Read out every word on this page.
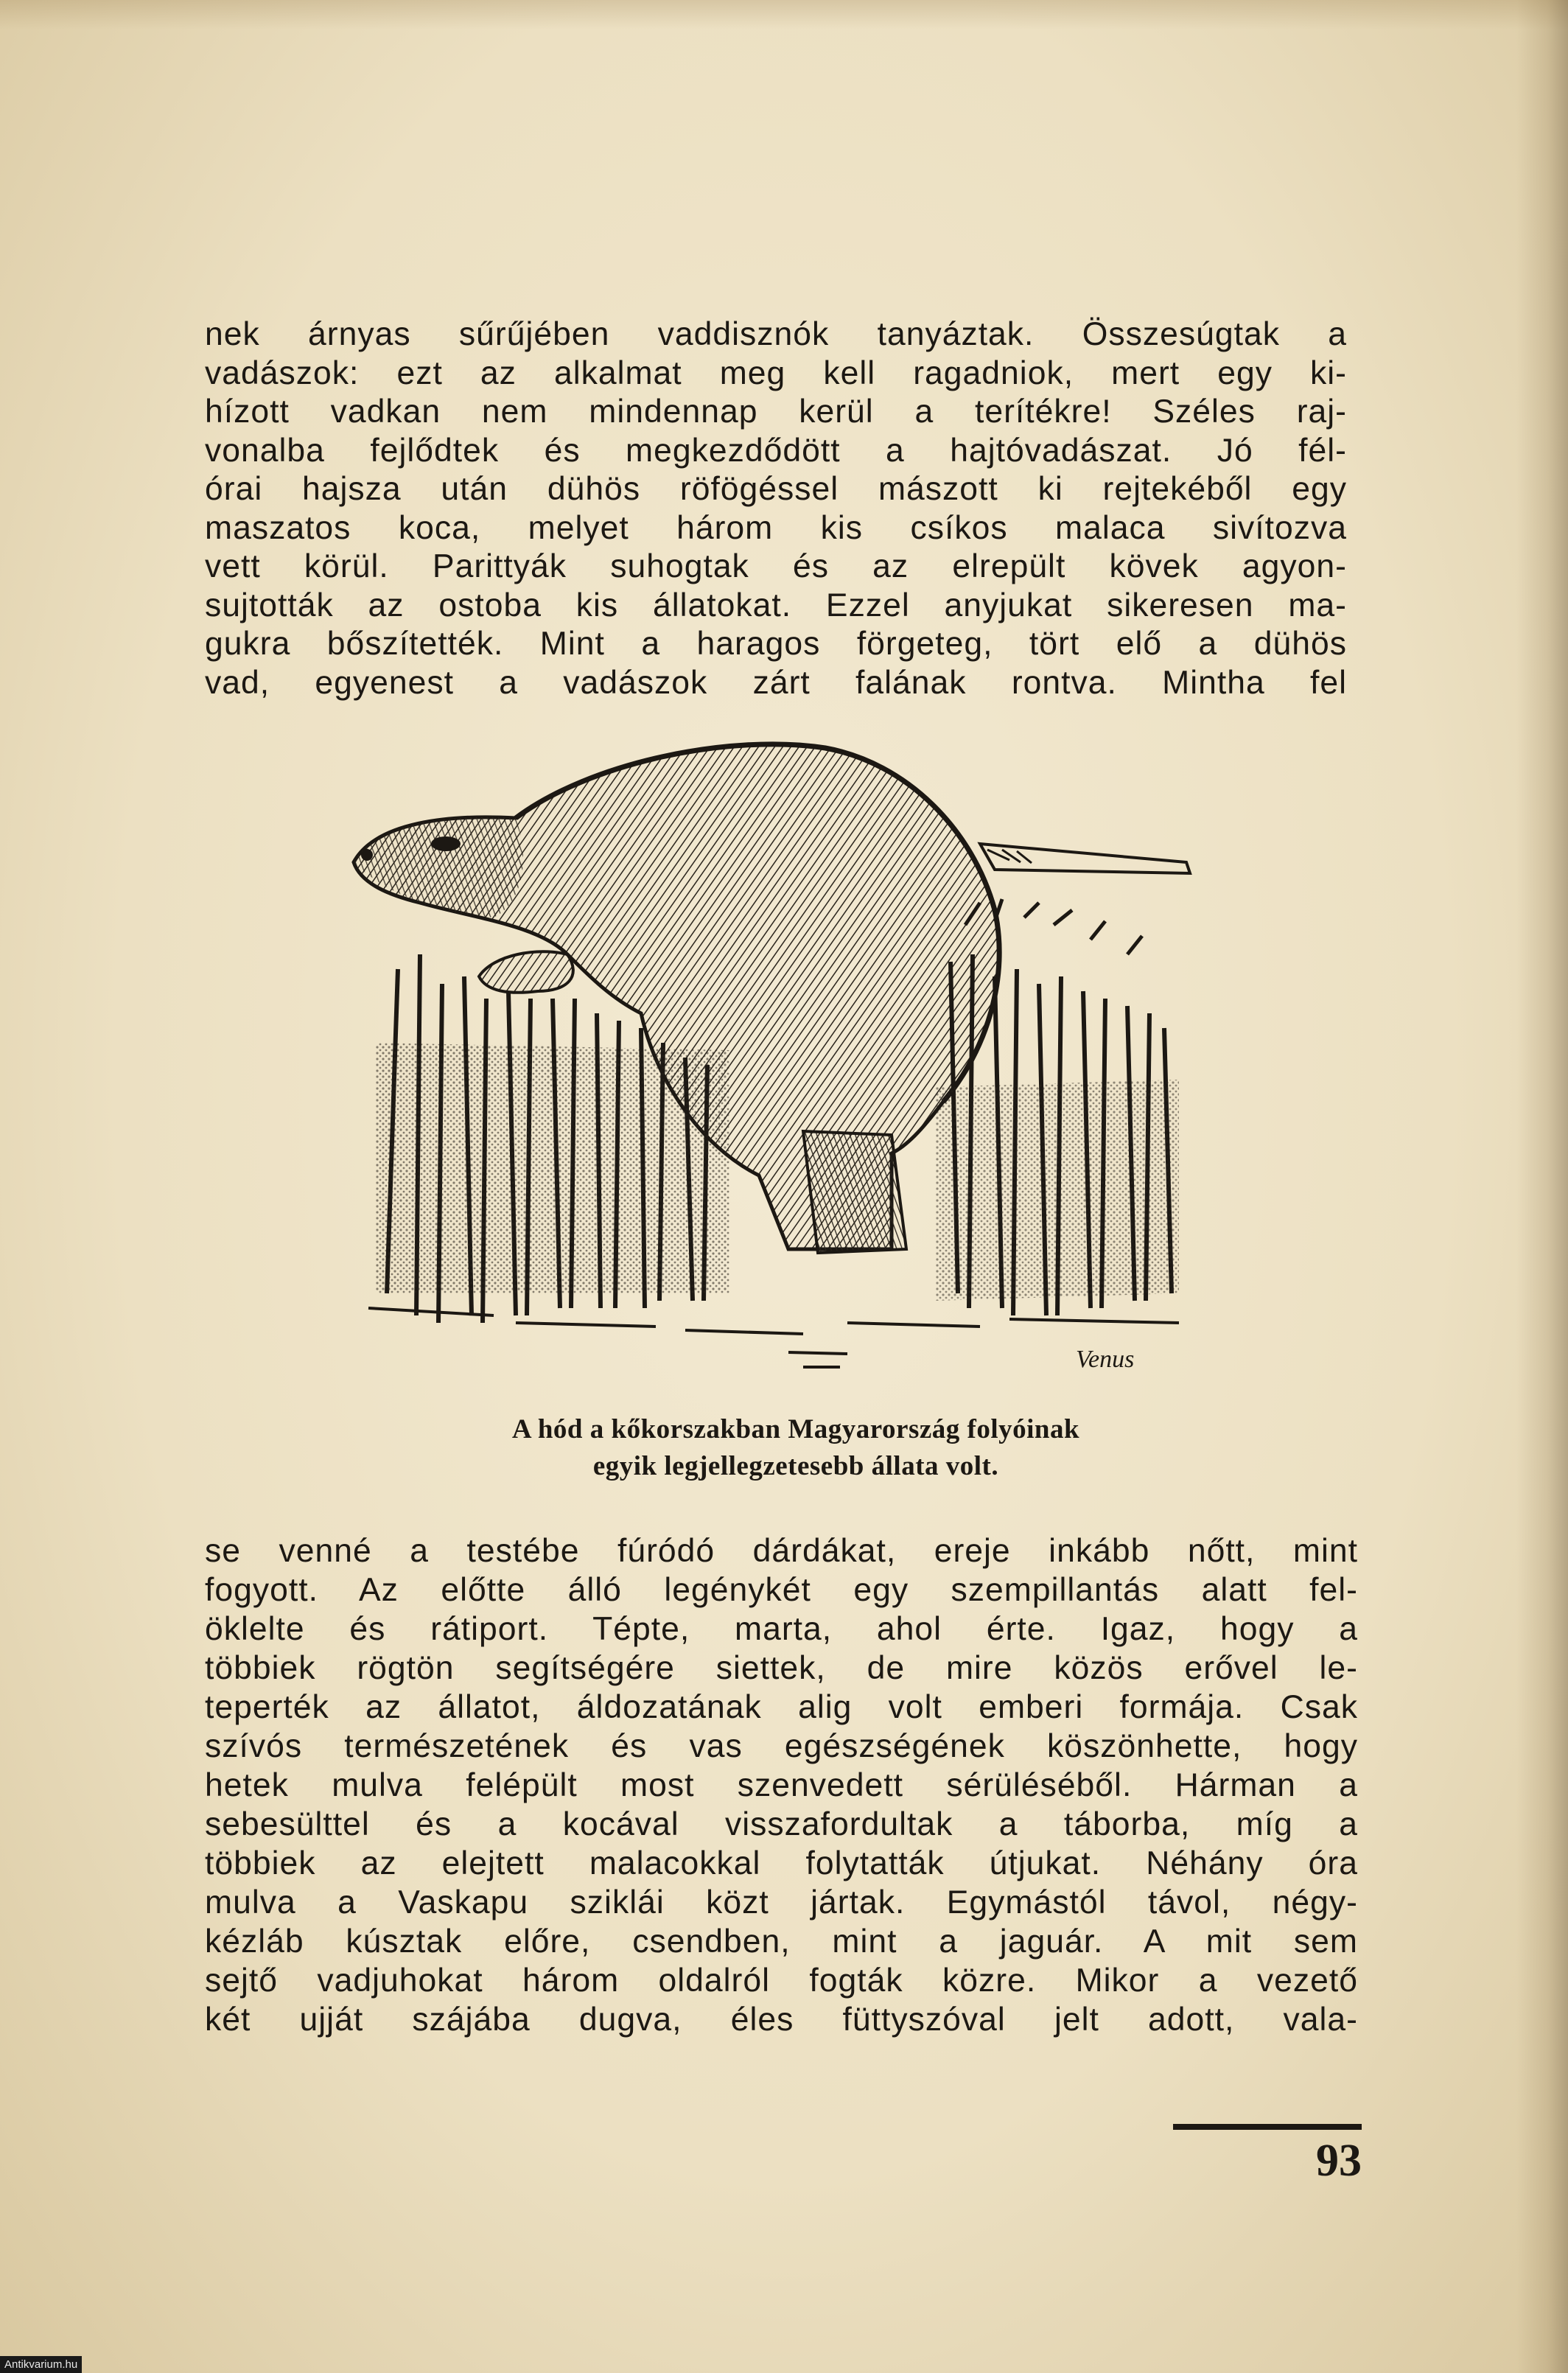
nek árnyas sűrűjében vaddisznók tanyáztak. Összesúgtak a
vadászok: ezt az alkalmat meg kell ragadniok, mert egy ki-
hízott vadkan nem mindennap kerül a terítékre! Széles raj-
vonalba fejlődtek és megkezdődött a hajtóvadászat. Jó fél-
órai hajsza után dühös röfögéssel mászott ki rejtekéből egy
maszatos koca, melyet három kis csíkos malaca sivítozva
vett körül. Parittyák suhogtak és az elrepült kövek agyon-
sujtották az ostoba kis állatokat. Ezzel anyjukat sikeresen ma-
gukra bőszítették. Mint a haragos förgeteg, tört elő a dühös
vad, egyenest a vadászok zárt falának rontva. Mintha fel
Venus
A hód a kőkorszakban Magyarország folyóinak
egyik legjellegzetesebb állata volt.
se venné a testébe fúródó dárdákat, ereje inkább nőtt, mint
fogyott. Az előtte álló legénykét egy szempillantás alatt fel-
öklelte és rátiport. Tépte, marta, ahol érte. Igaz, hogy a
többiek rögtön segítségére siettek, de mire közös erővel le-
teperték az állatot, áldozatának alig volt emberi formája. Csak
szívós természetének és vas egészségének köszönhette, hogy
hetek mulva felépült most szenvedett sérüléséből. Hárman a
sebesülttel és a kocával visszafordultak a táborba, míg a
többiek az elejtett malacokkal folytatták útjukat. Néhány óra
mulva a Vaskapu sziklái közt jártak. Egymástól távol, négy-
kézláb kúsztak előre, csendben, mint a jaguár. A mit sem
sejtő vadjuhokat három oldalról fogták közre. Mikor a vezető
két ujját szájába dugva, éles füttyszóval jelt adott, vala-
93
Antikvarium.hu
